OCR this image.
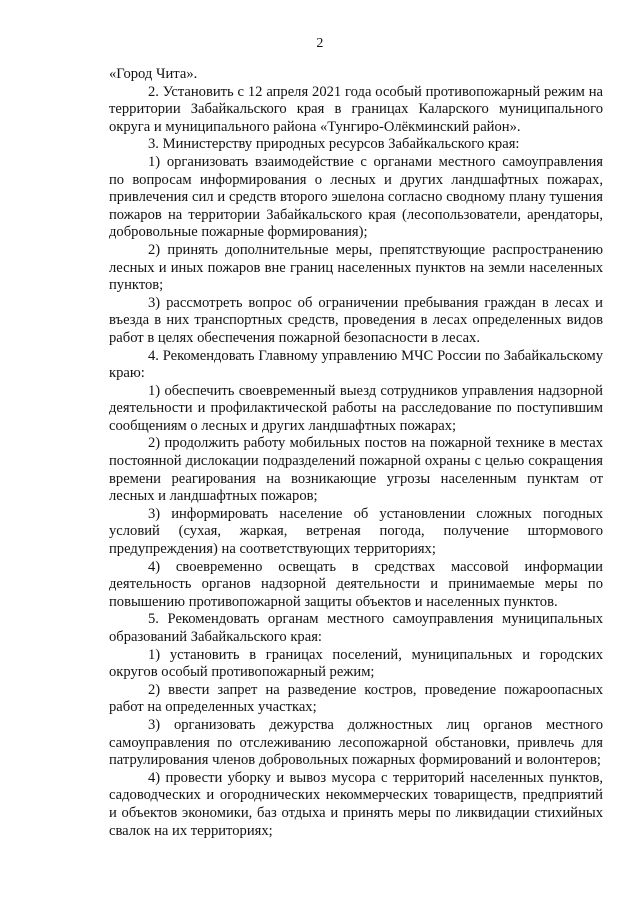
2

«Город Чита».

2. Установить с 12 апреля 2021 года особый противопожарный режим на территории Забайкальского края в границах Каларского муниципального округа и муниципального района «Тунгиро-Олёкминский район».

3. Министерству природных ресурсов Забайкальского края:

1) организовать взаимодействие с органами местного самоуправления по вопросам информирования о лесных и других ландшафтных пожарах, привлечения сил и средств второго эшелона согласно сводному плану тушения пожаров на территории Забайкальского края (лесопользователи, арендаторы, добровольные пожарные формирования);

2) принять дополнительные меры, препятствующие распространению лесных и иных пожаров вне границ населенных пунктов на земли населенных пунктов;

3) рассмотреть вопрос об ограничении пребывания граждан в лесах и въезда в них транспортных средств, проведения в лесах определенных видов работ в целях обеспечения пожарной безопасности в лесах.

4. Рекомендовать Главному управлению МЧС России по Забайкальскому краю:

1) обеспечить своевременный выезд сотрудников управления надзорной деятельности и профилактической работы на расследование по поступившим сообщениям о лесных и других ландшафтных пожарах;

2) продолжить работу мобильных постов на пожарной технике в местах постоянной дислокации подразделений пожарной охраны с целью сокращения времени реагирования на возникающие угрозы населенным пунктам от лесных и ландшафтных пожаров;

3) информировать население об установлении сложных погодных условий (сухая, жаркая, ветреная погода, получение штормового предупреждения) на соответствующих территориях;

4) своевременно освещать в средствах массовой информации деятельность органов надзорной деятельности и принимаемые меры по повышению противопожарной защиты объектов и населенных пунктов.

5. Рекомендовать органам местного самоуправления муниципальных образований Забайкальского края:

1) установить в границах поселений, муниципальных и городских округов особый противопожарный режим;

2) ввести запрет на разведение костров, проведение пожароопасных работ на определенных участках;

3) организовать дежурства должностных лиц органов местного самоуправления по отслеживанию лесопожарной обстановки, привлечь для патрулирования членов добровольных пожарных формирований и волонтеров;

4) провести уборку и вывоз мусора с территорий населенных пунктов, садоводческих и огороднических некоммерческих товариществ, предприятий и объектов экономики, баз отдыха и принять меры по ликвидации стихийных свалок на их территориях;
